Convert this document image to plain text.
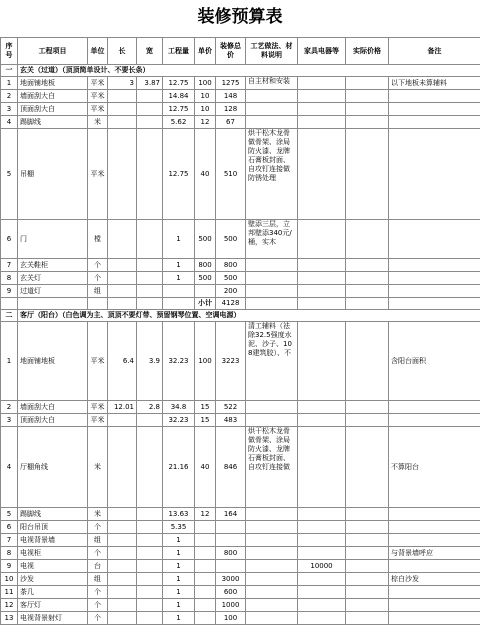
装修预算表
序号	工程项目	单位	长	宽	工程量	单价	装修总价	工艺做法、材料说明	家具电器等	实际价格	备注
一	玄关（过道）（顶顶简单设计、不要长条）										
1	地面铺地板	平米	3	3.87	12.75	100	1275	自主材和安装			以下地板未算辅料
2	墙面刮大白	平米			14.84	10	148				
3	顶面刮大白	平米			12.75	10	128				
4	踢脚线	米			5.62	12	67				
5	吊棚	平米			12.75	40	510	烘干松木龙骨做骨架、涂局防火漆、龙牌石膏板封面、自攻钉连接做防锈处理			
6	门	樘			1	500	500	壁添三层，立邦壁添340元/桶，实木			
7	玄关鞋柜	个			1	800	800				
8	玄关灯	个			1	500	500				
9	过道灯	组					200				
						小计	4128				
二	客厅（阳台）（白色调为主、顶顶不要灯带、预留钢琴位置、空调电源）										
1	地面铺地板	平米	6.4	3.9	32.23	100	3223	清工辅料（祛除32.5强度水泥、沙子、108建筑胶）、不			含阳台面积
2	墙面刮大白	平米	12.01	2.8	34.8	15	522				
3	顶面刮大白	平米			32.23	15	483				
4	厅棚角线	米			21.16	40	846	烘干松木龙骨做骨架、涂局防火漆、龙牌石膏板封面、自攻钉连接做			不算阳台
5	踢脚线	米			13.63	12	164				
6	阳台吊顶	个			5.35						
7	电视背景墙	组			1						
8	电视柜	个			1		800				与背景墙呼应
9	电视	台			1				10000		
10	沙发	组			1		3000				棕白沙发
11	茶几	个			1		600				
12	客厅灯	个			1		1000				
13	电视背景射灯	个			1		100				
